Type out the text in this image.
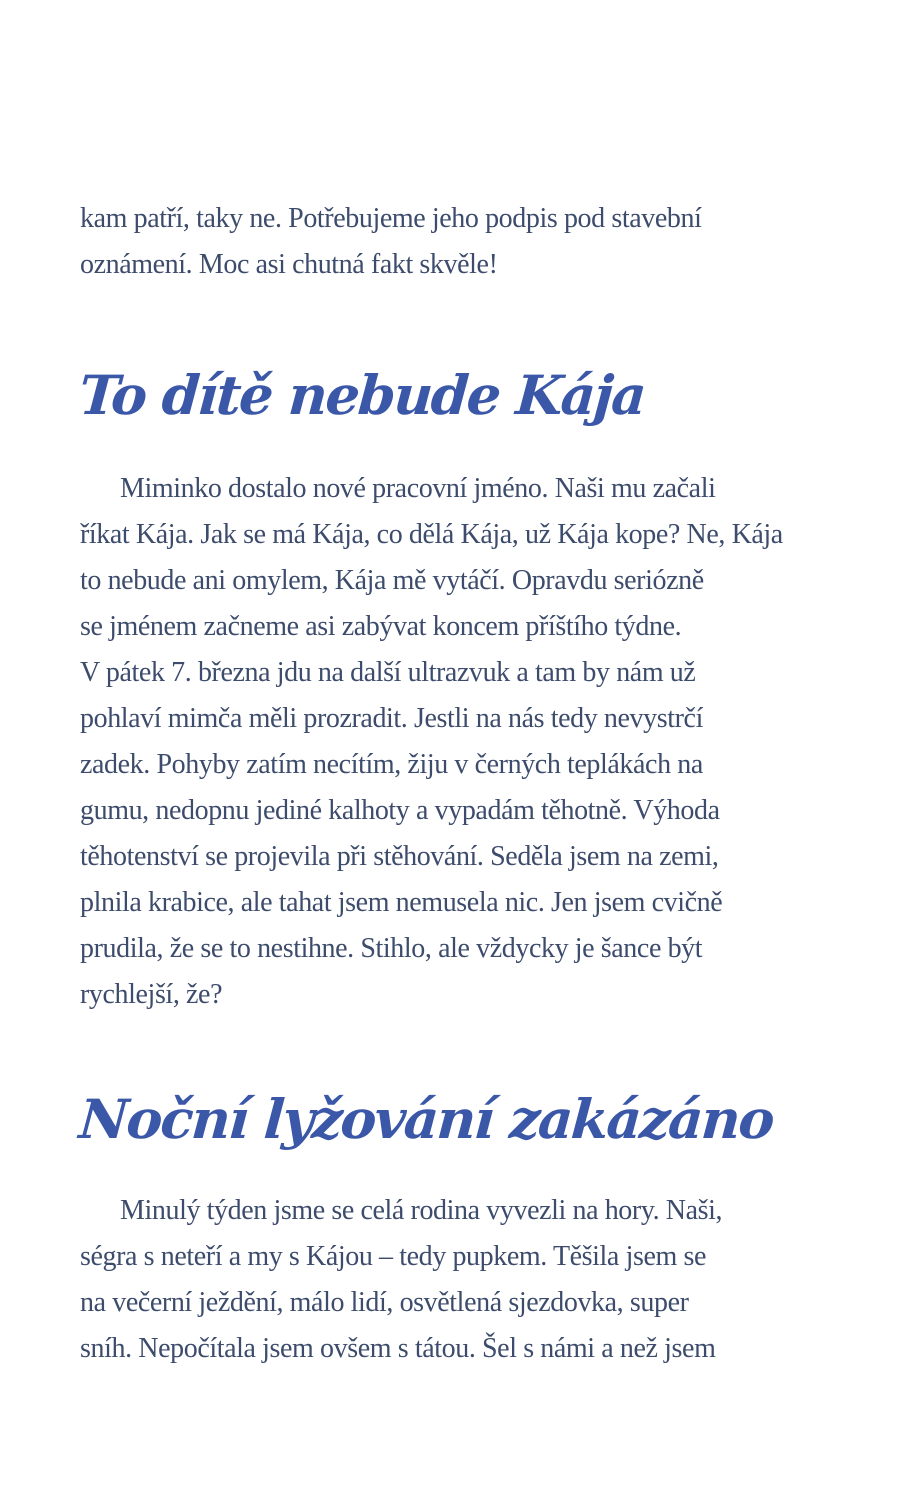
kam patří, taky ne. Potřebujeme jeho podpis pod stavební
oznámení. Moc asi chutná fakt skvěle!

To dítě nebude Kája

Miminko dostalo nové pracovní jméno. Naši mu začali
říkat Kája. Jak se má Kája, co dělá Kája, už Kája kope? Ne, Kája
to nebude ani omylem, Kája mě vytáčí. Opravdu seriózně
se jménem začneme asi zabývat koncem příštího týdne.
V pátek 7. března jdu na další ultrazvuk a tam by nám už
pohlaví mimča měli prozradit. Jestli na nás tedy nevystrčí
zadek. Pohyby zatím necítím, žiju v černých teplákách na
gumu, nedopnu jediné kalhoty a vypadám těhotně. Výhoda
těhotenství se projevila při stěhování. Seděla jsem na zemi,
plnila krabice, ale tahat jsem nemusela nic. Jen jsem cvičně
prudila, že se to nestihne. Stihlo, ale vždycky je šance být
rychlejší, že?

Noční lyžování zakázáno

Minulý týden jsme se celá rodina vyvezli na hory. Naši,
ségra s neteří a my s Kájou – tedy pupkem. Těšila jsem se
na večerní ježdění, málo lidí, osvětlená sjezdovka, super
sníh. Nepočítala jsem ovšem s tátou. Šel s námi a než jsem
